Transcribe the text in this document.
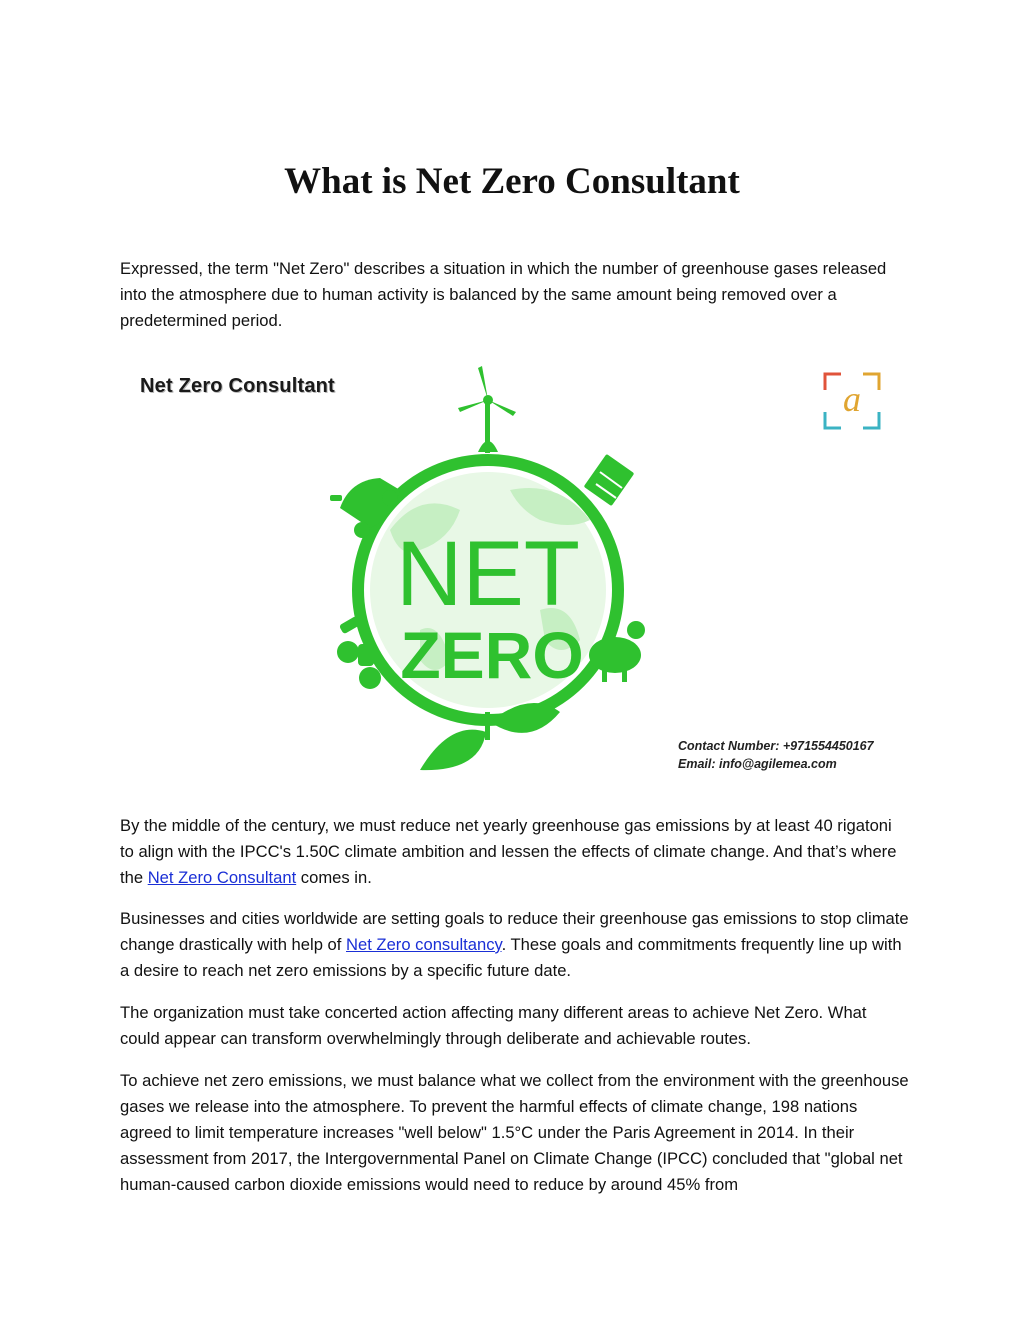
What is Net Zero Consultant

Expressed, the term "Net Zero" describes a situation in which the number of greenhouse gases released into the atmosphere due to human activity is balanced by the same amount being removed over a predetermined period.

Net Zero Consultant
NET
ZERO
a
Contact Number: +971554450167
Email: info@agilemea.com

By the middle of the century, we must reduce net yearly greenhouse gas emissions by at least 40 rigatoni to align with the IPCC's 1.50C climate ambition and lessen the effects of climate change. And that’s where the Net Zero Consultant comes in.

Businesses and cities worldwide are setting goals to reduce their greenhouse gas emissions to stop climate change drastically with help of Net Zero consultancy. These goals and commitments frequently line up with a desire to reach net zero emissions by a specific future date.

The organization must take concerted action affecting many different areas to achieve Net Zero. What could appear can transform overwhelmingly through deliberate and achievable routes.

To achieve net zero emissions, we must balance what we collect from the environment with the greenhouse gases we release into the atmosphere. To prevent the harmful effects of climate change, 198 nations agreed to limit temperature increases "well below" 1.5°C under the Paris Agreement in 2014. In their assessment from 2017, the Intergovernmental Panel on Climate Change (IPCC) concluded that "global net human-caused carbon dioxide emissions would need to reduce by around 45% from
